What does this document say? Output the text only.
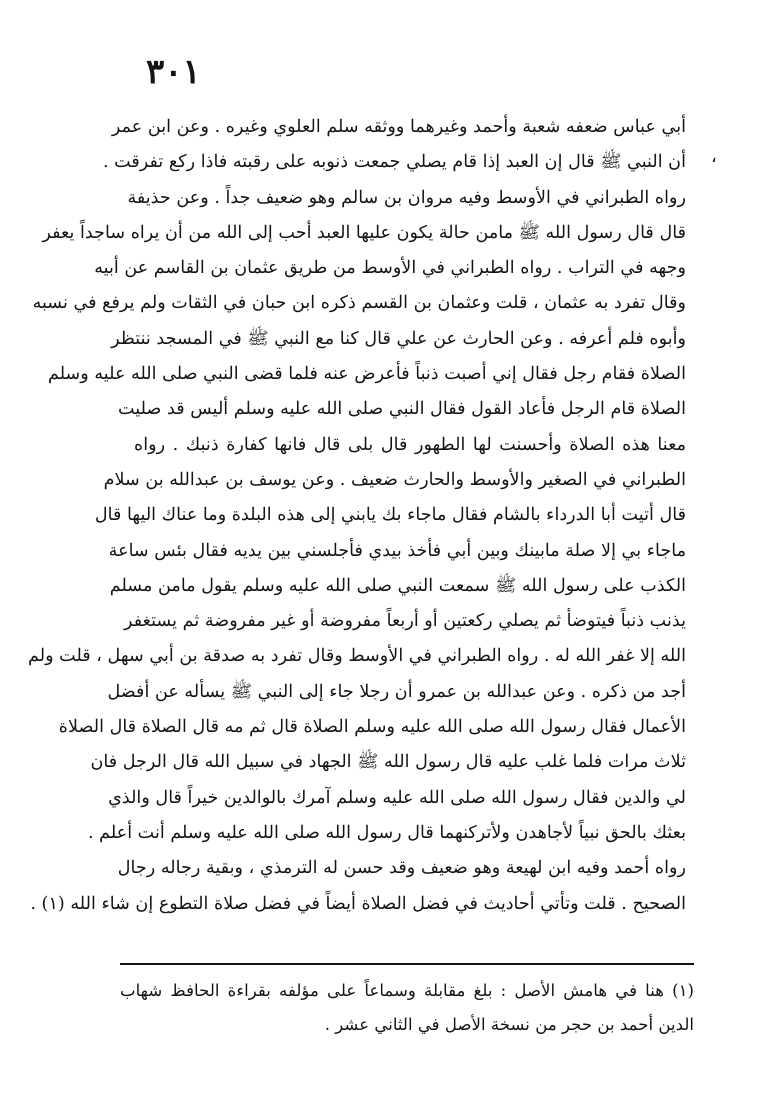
٣٠١
،
أبي عباس ضعفه شعبة وأحمد وغيرهما ووثقه سلم العلوي وغيره . وعن ابن عمر
أن النبي ﷺ قال إن العبد إذا قام يصلي جمعت ذنوبه على رقبته فاذا ركع تفرقت .
رواه الطبراني في الأوسط وفيه مروان بن سالم وهو ضعيف جداً . وعن حذيفة
قال قال رسول الله ﷺ مامن حالة يكون عليها العبد أحب إلى الله من أن يراه ساجداً يعفر
وجهه في التراب . رواه الطبراني في الأوسط من طريق عثمان بن القاسم عن أبيه
وقال تفرد به عثمان ، قلت وعثمان بن القسم ذكره ابن حبان في الثقات ولم يرفع في نسبه
وأبوه فلم أعرفه . وعن الحارث عن علي قال كنا مع النبي ﷺ في المسجد ننتظر
الصلاة فقام رجل فقال إني أصبت ذنباً فأعرض عنه فلما قضى النبي صلى الله عليه وسلم
الصلاة قام الرجل فأعاد القول فقال النبي صلى الله عليه وسلم أليس قد صليت
معنا هذه الصلاة وأحسنت لها الطهور قال بلى قال فانها كفارة ذنبك . رواه
الطبراني في الصغير والأوسط والحارث ضعيف . وعن يوسف بن عبدالله بن سلام
قال أتيت أبا الدرداء بالشام فقال ماجاء بك يابني إلى هذه البلدة وما عناك اليها قال
ماجاء بي إلا صلة مابينك وبين أبي فأخذ بيدي فأجلسني بين يديه فقال بئس ساعة
الكذب على رسول الله ﷺ سمعت النبي صلى الله عليه وسلم يقول مامن مسلم
يذنب ذنباً فيتوضأ ثم يصلي ركعتين أو أربعاً مفروضة أو غير مفروضة ثم يستغفر
الله إلا غفر الله له . رواه الطبراني في الأوسط وقال تفرد به صدقة بن أبي سهل ، قلت ولم
أجد من ذكره . وعن عبدالله بن عمرو أن رجلا جاء إلى النبي ﷺ يسأله عن أفضل
الأعمال فقال رسول الله صلى الله عليه وسلم الصلاة قال ثم مه قال الصلاة قال الصلاة
ثلاث مرات فلما غلب عليه قال رسول الله ﷺ الجهاد في سبيل الله قال الرجل فان
لي والدين فقال رسول الله صلى الله عليه وسلم آمرك بالوالدين خيراً قال والذي
بعثك بالحق نبياً لأجاهدن ولأتركنهما قال رسول الله صلى الله عليه وسلم أنت أعلم .
رواه أحمد وفيه ابن لهيعة وهو ضعيف وقد حسن له الترمذي ، وبقية رجاله رجال
الصحيح . قلت وتأتي أحاديث في فضل الصلاة أيضاً في فضل صلاة التطوع إن شاء الله (١) .
(١) هنا في هامش الأصل : بلغ مقابلة وسماعاً على مؤلفه بقراءة الحافظ شهاب
الدين أحمد بن حجر من نسخة الأصل في الثاني عشر .
